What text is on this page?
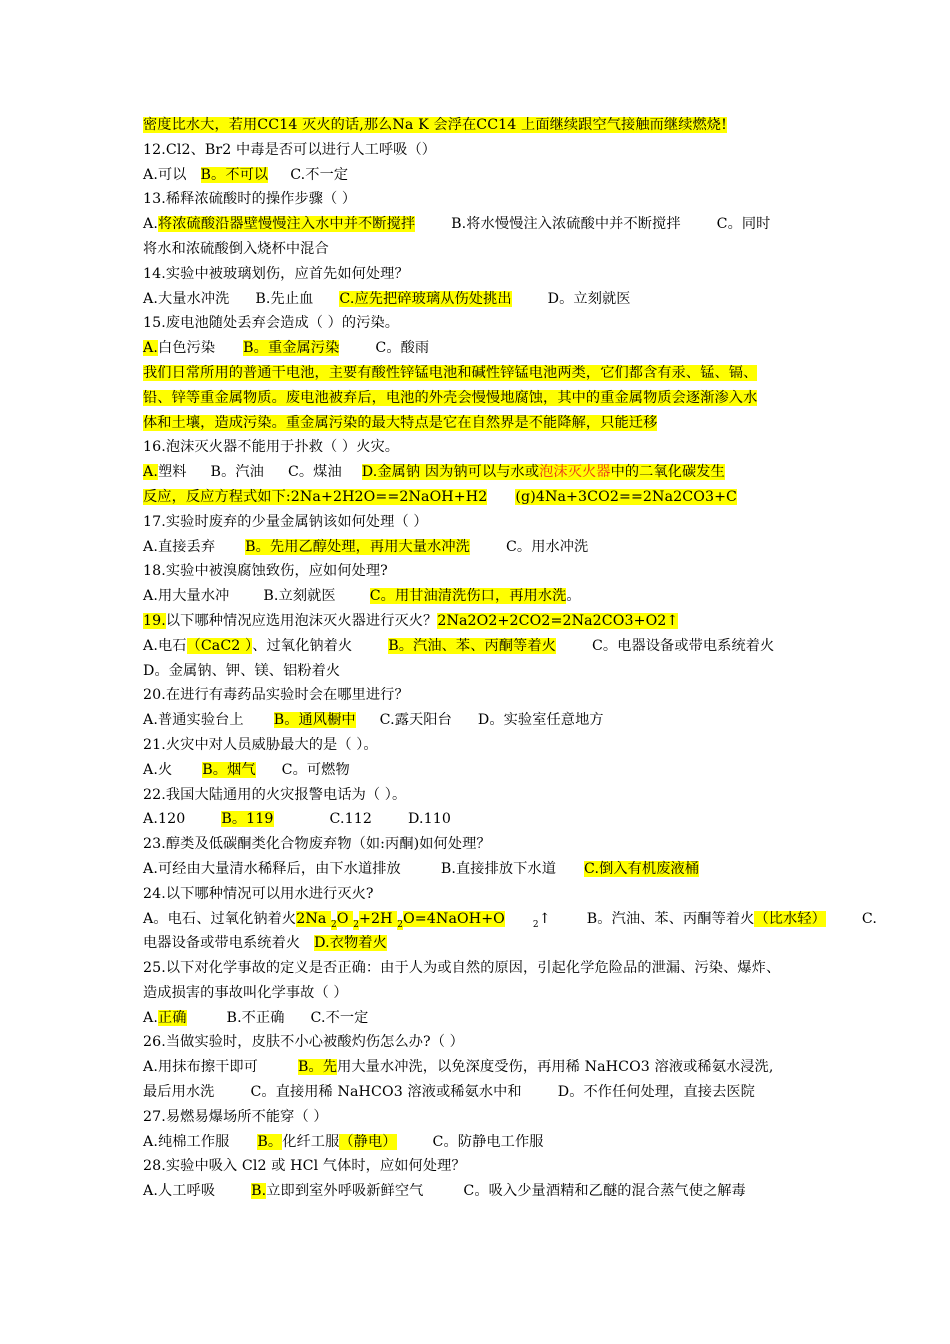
密度比水大，若用CC14 灭火的话,那么Na K 会浮在CC14 上面继续跟空气接触而继续燃烧!
12.Cl2、Br2 中毒是否可以进行人工呼吸（）
A.可以 B。不可以 C.不一定
13.稀释浓硫酸时的操作步骤（ ）
A.将浓硫酸沿器壁慢慢注入水中并不断搅拌	B.将水慢慢注入浓硫酸中并不断搅拌	C。同时
将水和浓硫酸倒入烧杯中混合
14.实验中被玻璃划伤，应首先如何处理？
A.大量水冲洗 B.先止血 C.应先把碎玻璃从伤处挑出	D。立刻就医
15.废电池随处丢弃会造成（ ）的污染。
A.白色污染 B。重金属污染	C。酸雨
我们日常所用的普通干电池，主要有酸性锌锰电池和碱性锌锰电池两类，它们都含有汞、锰、镉、
铅、锌等重金属物质。废电池被弃后，电池的外壳会慢慢地腐蚀，其中的重金属物质会逐渐渗入水
体和土壤，造成污染。重金属污染的最大特点是它在自然界是不能降解，只能迁移
16.泡沫灭火器不能用于扑救（ ）火灾。
A.塑料 B。汽油 C。煤油 D.金属钠 因为钠可以与水或泡沫灭火器中的二氧化碳发生
反应，反应方程式如下:2Na+2H2O==2NaOH+H2 (g)4Na+3CO2==2Na2CO3+C
17.实验时废弃的少量金属钠该如何处理（ ）
A.直接丢弃 B。先用乙醇处理，再用大量水冲洗	C。用水冲洗
18.实验中被溴腐蚀致伤，应如何处理?
A.用大量水冲 B.立刻就医 C。用甘油清洗伤口，再用水洗。
19.以下哪种情况应选用泡沫灭火器进行灭火？2Na2O2+2CO2=2Na2CO3+O2↑
A.电石（CaC2 ）、过氧化钠着火	B。汽油、苯、丙酮等着火	C。电器设备或带电系统着火
D。金属钠、钾、镁、铝粉着火
20.在进行有毒药品实验时会在哪里进行？
A.普通实验台上 B。通风橱中 C.露天阳台 D。实验室任意地方
21.火灾中对人员威胁最大的是（ ）。
A.火 B。烟气 C。可燃物
22.我国大陆通用的火灾报警电话为（ ）。
A.120	B。119	C.112	D.110
23.醇类及低碳酮类化合物废弃物（如:丙酮)如何处理？
A.可经由大量清水稀释后，由下水道排放	B.直接排放下水道 C.倒入有机废液桶
24.以下哪种情况可以用水进行灭火?
A。电石、过氧化钠着火2Na $_2$O $_2$+2H $_2$O=4NaOH+O	$_2$↑	B。汽油、苯、丙酮等着火（比水轻）	C.
电器设备或带电系统着火 D.衣物着火
25.以下对化学事故的定义是否正确：由于人为或自然的原因，引起化学危险品的泄漏、污染、爆炸、
造成损害的事故叫化学事故（ ）
A.正确	B.不正确 C.不一定
26.当做实验时，皮肤不小心被酸灼伤怎么办?（ ）
A.用抹布擦干即可	B。先用大量水冲洗，以免深度受伤，再用稀 NaHCO3 溶液或稀氨水浸洗,
最后用水洗	C。直接用稀 NaHCO3 溶液或稀氨水中和	D。不作任何处理，直接去医院
27.易燃易爆场所不能穿（ ）
A.纯棉工作服 B。化纤工服（静电）	C。防静电工作服
28.实验中吸入 Cl2 或 HCl 气体时，应如何处理？
A.人工呼吸	B.立即到室外呼吸新鲜空气	C。吸入少量酒精和乙醚的混合蒸气使之解毒
